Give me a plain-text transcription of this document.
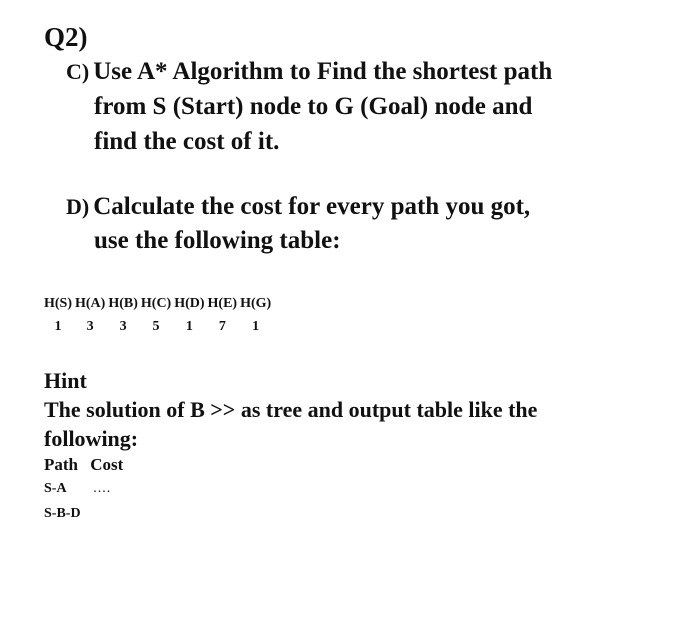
Q2)
C) Use A* Algorithm to Find the shortest path
from S (Start) node to G (Goal) node and
find the cost of it.
D) Calculate the cost for every path you got,
use the following table:
H(S)	H(A)	H(B)	H(C)	H(D)	H(E)	H(G)
1	3	3	5	1	7	1
Hint
The solution of B >> as tree and output table like the
following:
Path Cost
S-A ....
S-B-D
